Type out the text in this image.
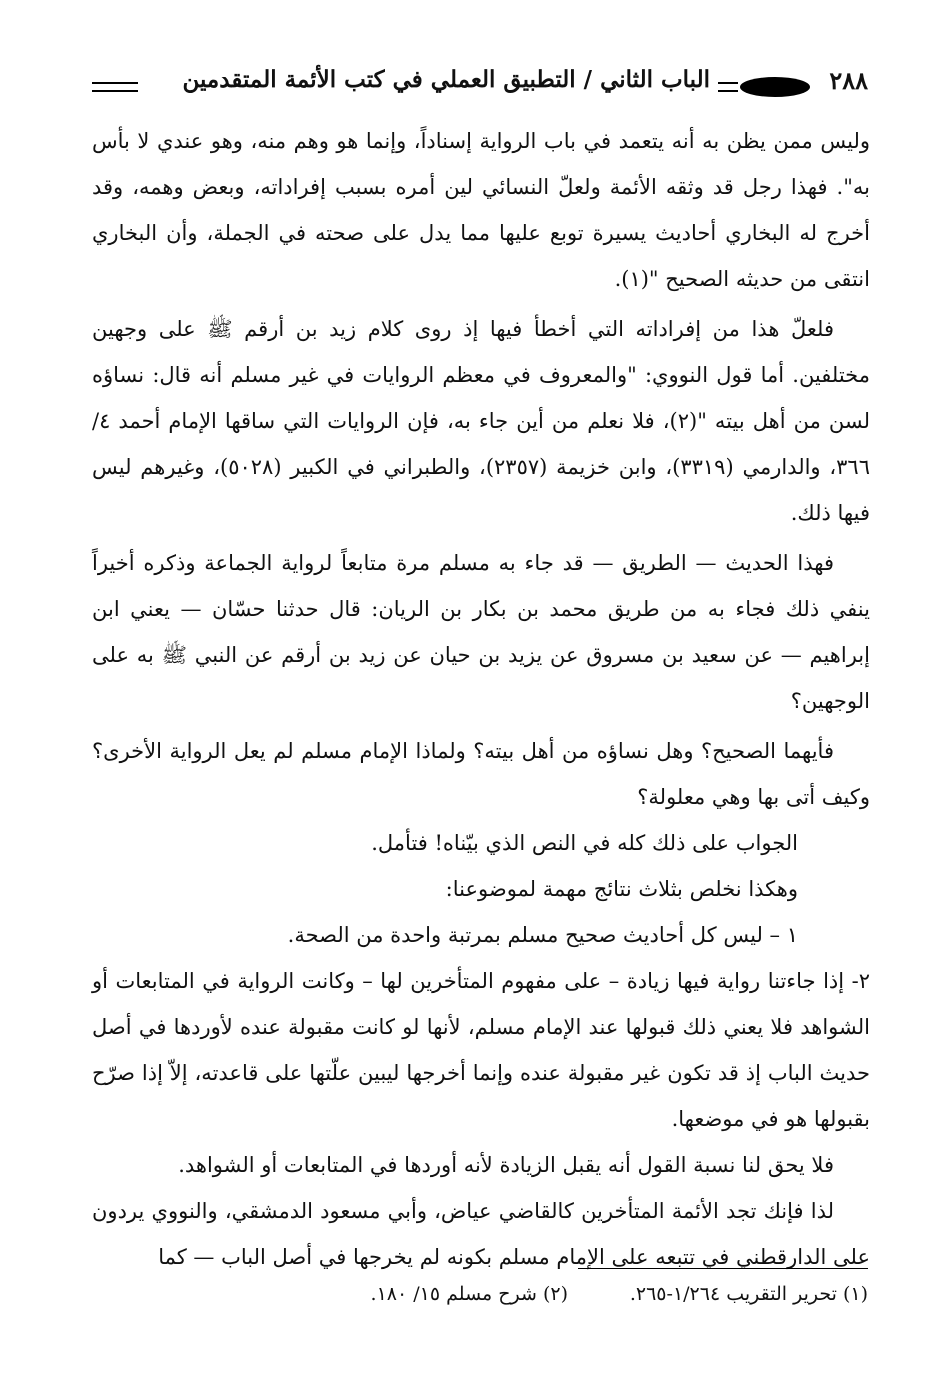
٢٨٨
الباب الثاني / التطبيق العملي في كتب الأئمة المتقدمين

وليس ممن يظن به أنه يتعمد في باب الرواية إسناداً، وإنما هو وهم منه، وهو عندي لا بأس به". فهذا رجل قد وثقه الأئمة ولعلّ النسائي لين أمره بسبب إفراداته، وبعض وهمه، وقد أخرج له البخاري أحاديث يسيرة توبع عليها مما يدل على صحته في الجملة، وأن البخاري انتقى من حديثه الصحيح "(١).

فلعلّ هذا من إفراداته التي أخطأ فيها إذ روى كلام زيد بن أرقم ﷺ على وجهين مختلفين. أما قول النووي: "والمعروف في معظم الروايات في غير مسلم أنه قال: نساؤه لسن من أهل بيته "(٢)، فلا نعلم من أين جاء به، فإن الروايات التي ساقها الإمام أحمد ٤/ ٣٦٦، والدارمي (٣٣١٩)، وابن خزيمة (٢٣٥٧)، والطبراني في الكبير (٥٠٢٨)، وغيرهم ليس فيها ذلك.

فهذا الحديث — الطريق — قد جاء به مسلم مرة متابعاً لرواية الجماعة وذكره أخيراً ينفي ذلك فجاء به من طريق محمد بن بكار بن الريان: قال حدثنا حسّان — يعني ابن إبراهيم — عن سعيد بن مسروق عن يزيد بن حيان عن زيد بن أرقم عن النبي ﷺ به على الوجهين؟

فأيهما الصحيح؟ وهل نساؤه من أهل بيته؟ ولماذا الإمام مسلم لم يعل الرواية الأخرى؟ وكيف أتى بها وهي معلولة؟

الجواب على ذلك كله في النص الذي بيّناه! فتأمل.

وهكذا نخلص بثلاث نتائج مهمة لموضوعنا:

١ – ليس كل أحاديث صحيح مسلم بمرتبة واحدة من الصحة.

٢- إذا جاءتنا رواية فيها زيادة – على مفهوم المتأخرين لها – وكانت الرواية في المتابعات أو الشواهد فلا يعني ذلك قبولها عند الإمام مسلم، لأنها لو كانت مقبولة عنده لأوردها في أصل حديث الباب إذ قد تكون غير مقبولة عنده وإنما أخرجها ليبين علّتها على قاعدته، إلاّ إذا صرّح بقبولها هو في موضعها.

فلا يحق لنا نسبة القول أنه يقبل الزيادة لأنه أوردها في المتابعات أو الشواهد.

لذا فإنك تجد الأئمة المتأخرين كالقاضي عياض، وأبي مسعود الدمشقي، والنووي يردون على الدارقطني في تتبعه على الإمام مسلم بكونه لم يخرجها في أصل الباب — كما

(١) تحرير التقريب ١/٢٦٤-٢٦٥.
(٢) شرح مسلم ١٥/ ١٨٠.
